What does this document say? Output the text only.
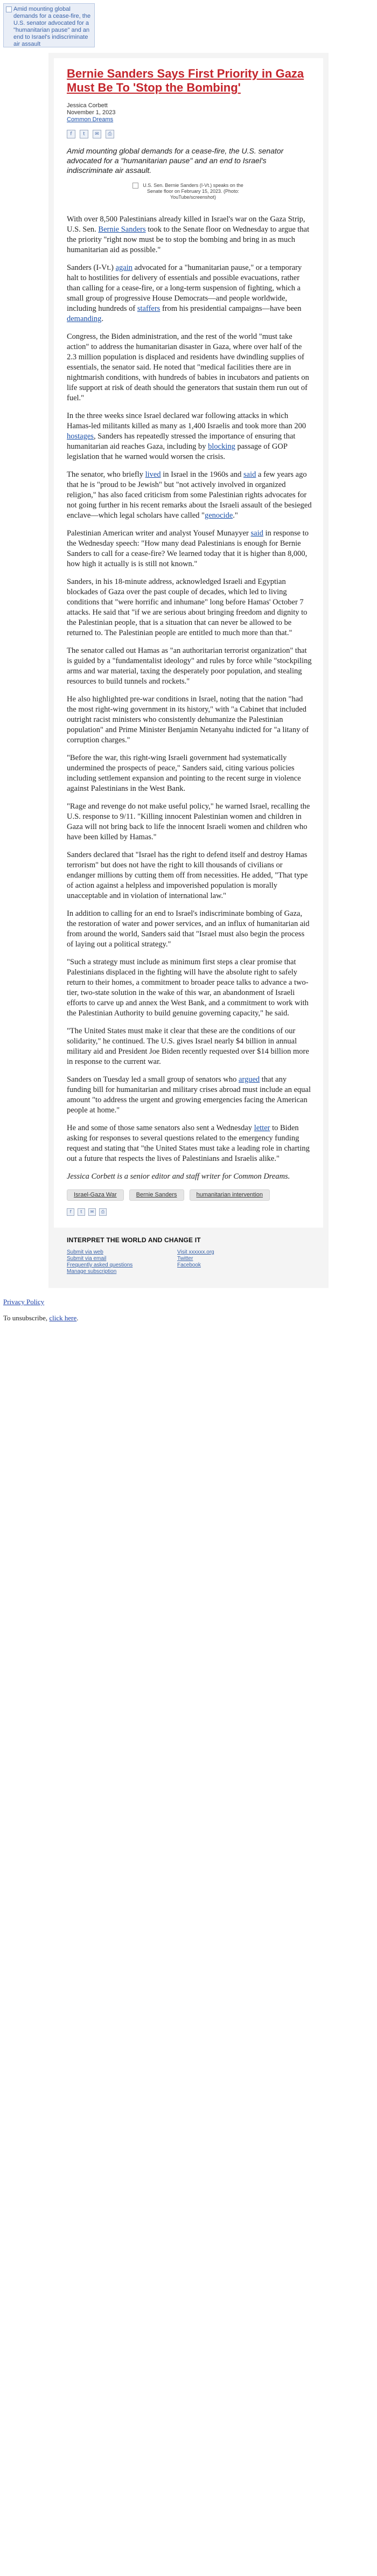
Amid mounting global demands for a cease-fire, the U.S. senator advocated for a "humanitarian pause" and an end to Israel's indiscriminate air assault
Bernie Sanders Says First Priority in Gaza Must Be To 'Stop the Bombing'
Jessica Corbett
November 1, 2023
Common Dreams
f	t	✉	⎙

Amid mounting global demands for a cease-fire, the U.S. senator advocated for a "humanitarian pause" and an end to Israel's indiscriminate air assault.

U.S. Sen. Bernie Sanders (I-Vt.) speaks on the Senate floor on February 15, 2023. (Photo: YouTube/screenshot)

With over 8,500 Palestinians already killed in Israel's war on the Gaza Strip, U.S. Sen. Bernie Sanders took to the Senate floor on Wednesday to argue that the priority "right now must be to stop the bombing and bring in as much humanitarian aid as possible."

Sanders (I-Vt.) again advocated for a "humanitarian pause," or a temporary halt to hostilities for delivery of essentials and possible evacuations, rather than calling for a cease-fire, or a long-term suspension of fighting, which a small group of progressive House Democrats—and people worldwide, including hundreds of staffers from his presidential campaigns—have been demanding.

Congress, the Biden administration, and the rest of the world "must take action" to address the humanitarian disaster in Gaza, where over half of the 2.3 million population is displaced and residents have dwindling supplies of essentials, the senator said. He noted that "medical facilities there are in nightmarish conditions, with hundreds of babies in incubators and patients on life support at risk of death should the generators that sustain them run out of fuel."

In the three weeks since Israel declared war following attacks in which Hamas-led militants killed as many as 1,400 Israelis and took more than 200 hostages, Sanders has repeatedly stressed the importance of ensuring that humanitarian aid reaches Gaza, including by blocking passage of GOP legislation that he warned would worsen the crisis.

The senator, who briefly lived in Israel in the 1960s and said a few years ago that he is "proud to be Jewish" but "not actively involved in organized religion," has also faced criticism from some Palestinian rights advocates for not going further in his recent remarks about the Israeli assault of the besieged enclave—which legal scholars have called "genocide."

Palestinian American writer and analyst Yousef Munayyer said in response to the Wednesday speech: "How many dead Palestinians is enough for Bernie Sanders to call for a cease-fire? We learned today that it is higher than 8,000, how high it actually is is still not known."

Sanders, in his 18-minute address, acknowledged Israeli and Egyptian blockades of Gaza over the past couple of decades, which led to living conditions that "were horrific and inhumane" long before Hamas' October 7 attacks. He said that "if we are serious about bringing freedom and dignity to the Palestinian people, that is a situation that can never be allowed to be returned to. The Palestinian people are entitled to much more than that."

The senator called out Hamas as "an authoritarian terrorist organization" that is guided by a "fundamentalist ideology" and rules by force while "stockpiling arms and war material, taxing the desperately poor population, and stealing resources to build tunnels and rockets."

He also highlighted pre-war conditions in Israel, noting that the nation "had the most right-wing government in its history," with "a Cabinet that included outright racist ministers who consistently dehumanize the Palestinian population" and Prime Minister Benjamin Netanyahu indicted for "a litany of corruption charges."

"Before the war, this right-wing Israeli government had systematically undermined the prospects of peace," Sanders said, citing various policies including settlement expansion and pointing to the recent surge in violence against Palestinians in the West Bank.

"Rage and revenge do not make useful policy," he warned Israel, recalling the U.S. response to 9/11. "Killing innocent Palestinian women and children in Gaza will not bring back to life the innocent Israeli women and children who have been killed by Hamas."

Sanders declared that "Israel has the right to defend itself and destroy Hamas terrorism" but does not have the right to kill thousands of civilians or endanger millions by cutting them off from necessities. He added, "That type of action against a helpless and impoverished population is morally unacceptable and in violation of international law."

In addition to calling for an end to Israel's indiscriminate bombing of Gaza, the restoration of water and power services, and an influx of humanitarian aid from around the world, Sanders said that "Israel must also begin the process of laying out a political strategy."

"Such a strategy must include as minimum first steps a clear promise that Palestinians displaced in the fighting will have the absolute right to safely return to their homes, a commitment to broader peace talks to advance a two-tier, two-state solution in the wake of this war, an abandonment of Israeli efforts to carve up and annex the West Bank, and a commitment to work with the Palestinian Authority to build genuine governing capacity," he said.

"The United States must make it clear that these are the conditions of our solidarity," he continued. The U.S. gives Israel nearly $4 billion in annual military aid and President Joe Biden recently requested over $14 billion more in response to the current war.

Sanders on Tuesday led a small group of senators who argued that any funding bill for humanitarian and military crises abroad must include an equal amount "to address the urgent and growing emergencies facing the American people at home."

He and some of those same senators also sent a Wednesday letter to Biden asking for responses to several questions related to the emergency funding request and stating that "the United States must take a leading role in charting out a future that respects the lives of Palestinians and Israelis alike."

Jessica Corbett is a senior editor and staff writer for Common Dreams.

Israel-Gaza War	Bernie Sanders	humanitarian intervention
f	t	✉	⎙
INTERPRET THE WORLD AND CHANGE IT
Submit via web
Submit via email
Frequently asked questions
Manage subscription
Visit xxxxxx.org
Twitter
Facebook

Privacy Policy

To unsubscribe, click here.
